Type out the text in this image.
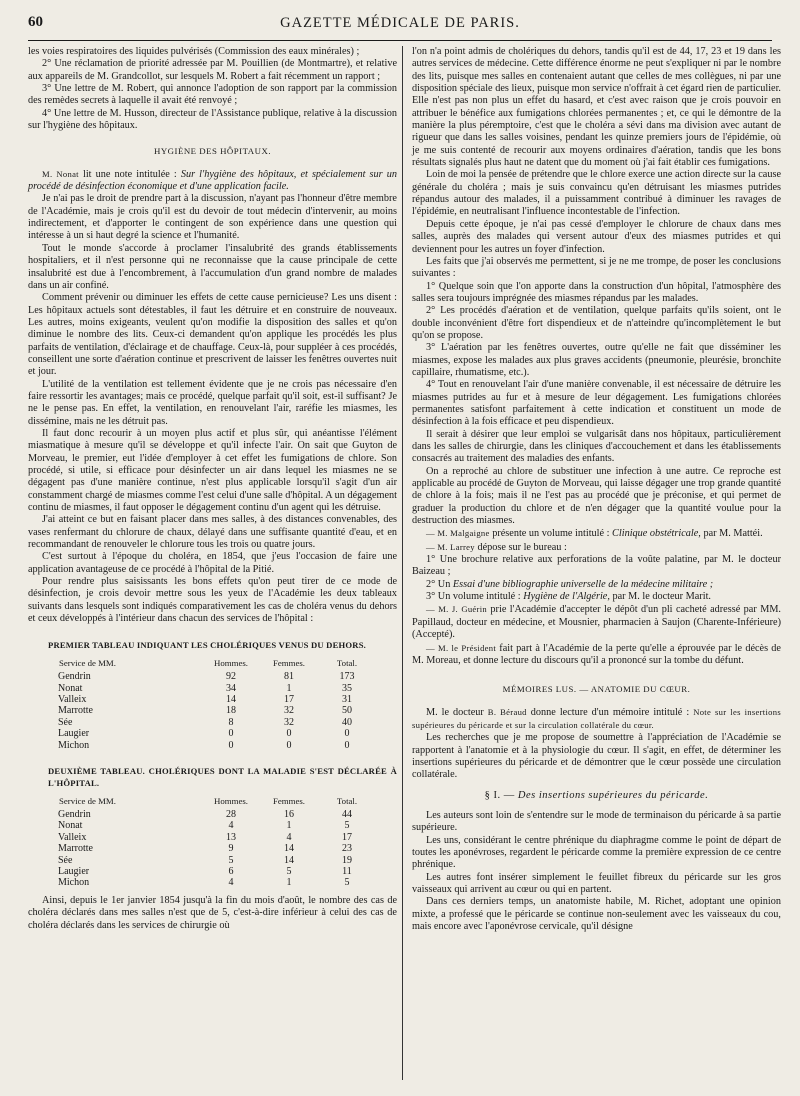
60	GAZETTE MÉDICALE DE PARIS.

les voies respiratoires des liquides pulvérisés (Commission des eaux minérales) ;

2° Une réclamation de priorité adressée par M. Pouillien (de Montmartre), et relative aux appareils de M. Grandcollot, sur lesquels M. Robert a fait récemment un rapport ;

3° Une lettre de M. Robert, qui annonce l'adoption de son rapport par la commission des remèdes secrets à laquelle il avait été renvoyé ;

4° Une lettre de M. Husson, directeur de l'Assistance publique, relative à la discussion sur l'hygiène des hôpitaux.

HYGIÈNE DES HÔPITAUX.

M. Nonat lit une note intitulée : Sur l'hygiène des hôpitaux, et spécialement sur un procédé de désinfection économique et d'une application facile.

Je n'ai pas le droit de prendre part à la discussion, n'ayant pas l'honneur d'être membre de l'Académie, mais je crois qu'il est du devoir de tout médecin d'intervenir, au moins indirectement, et d'apporter le contingent de son expérience dans une question qui intéresse à un si haut degré la science et l'humanité.

Tout le monde s'accorde à proclamer l'insalubrité des grands établissements hospitaliers, et il n'est personne qui ne reconnaisse que la cause principale de cette insalubrité est due à l'encombrement, à l'accumulation d'un grand nombre de malades dans un air confiné.

Comment prévenir ou diminuer les effets de cette cause pernicieuse? Les uns disent : Les hôpitaux actuels sont détestables, il faut les détruire et en construire de nouveaux. Les autres, moins exigeants, veulent qu'on modifie la disposition des salles et qu'on diminue le nombre des lits. Ceux-ci demandent qu'on applique les procédés les plus parfaits de ventilation, d'éclairage et de chauffage. Ceux-là, pour suppléer à ces procédés, conseillent une sorte d'aération continue et prescrivent de laisser les fenêtres ouvertes nuit et jour.

L'utilité de la ventilation est tellement évidente que je ne crois pas nécessaire d'en faire ressortir les avantages; mais ce procédé, quelque parfait qu'il soit, est-il suffisant? Je ne le pense pas. En effet, la ventilation, en renouvelant l'air, raréfie les miasmes, les dissémine, mais ne les détruit pas.

Il faut donc recourir à un moyen plus actif et plus sûr, qui anéantisse l'élément miasmatique à mesure qu'il se développe et qu'il infecte l'air. On sait que Guyton de Morveau, le premier, eut l'idée d'employer à cet effet les fumigations de chlore. Son procédé, si utile, si efficace pour désinfecter un air dans lequel les miasmes ne se dégagent pas d'une manière continue, n'est plus applicable lorsqu'il s'agit d'un air constamment chargé de miasmes comme l'est celui d'une salle d'hôpital. A un dégagement continu de miasmes, il faut opposer le dégagement continu d'un agent qui les détruise.

J'ai atteint ce but en faisant placer dans mes salles, à des distances convenables, des vases renfermant du chlorure de chaux, délayé dans une suffisante quantité d'eau, et en recommandant de renouveler le chlorure tous les trois ou quatre jours.

C'est surtout à l'époque du choléra, en 1854, que j'eus l'occasion de faire une application avantageuse de ce procédé à l'hôpital de la Pitié.

Pour rendre plus saisissants les bons effets qu'on peut tirer de ce mode de désinfection, je crois devoir mettre sous les yeux de l'Académie les deux tableaux suivants dans lesquels sont indiqués comparativement les cas de choléra venus du dehors et ceux développés à l'intérieur dans chacun des services de l'hôpital :

PREMIER TABLEAU INDIQUANT LES CHOLÉRIQUES VENUS DU DEHORS.
Service de MM.	Hommes.	Femmes.	Total.
Gendrin	92	81	173
Nonat	34	1	35
Valleix	14	17	31
Marrotte	18	32	50
Sée	8	32	40
Laugier	0	0	0
Michon	0	0	0
DEUXIÈME TABLEAU. CHOLÉRIQUES DONT LA MALADIE S'EST DÉCLARÉE À L'HÔPITAL.
Service de MM.	Hommes.	Femmes.	Total.
Gendrin	28	16	44
Nonat	4	1	5
Valleix	13	4	17
Marrotte	9	14	23
Sée	5	14	19
Laugier	6	5	11
Michon	4	1	5

Ainsi, depuis le 1er janvier 1854 jusqu'à la fin du mois d'août, le nombre des cas de choléra déclarés dans mes salles n'est que de 5, c'est-à-dire inférieur à celui des cas de choléra déclarés dans les services de chirurgie où

l'on n'a point admis de cholériques du dehors, tandis qu'il est de 44, 17, 23 et 19 dans les autres services de médecine. Cette différence énorme ne peut s'expliquer ni par le nombre des lits, puisque mes salles en contenaient autant que celles de mes collègues, ni par une disposition spéciale des lieux, puisque mon service n'offrait à cet égard rien de particulier. Elle n'est pas non plus un effet du hasard, et c'est avec raison que je crois pouvoir en attribuer le bénéfice aux fumigations chlorées permanentes ; et, ce qui le démontre de la manière la plus péremptoire, c'est que le choléra a sévi dans ma division avec autant de rigueur que dans les salles voisines, pendant les quinze premiers jours de l'épidémie, où je me suis contenté de recourir aux moyens ordinaires d'aération, tandis que les bons résultats signalés plus haut ne datent que du moment où j'ai fait établir ces fumigations.

Loin de moi la pensée de prétendre que le chlore exerce une action directe sur la cause générale du choléra ; mais je suis convaincu qu'en détruisant les miasmes putrides répandus autour des malades, il a puissamment contribué à diminuer les ravages de l'épidémie, en neutralisant l'influence incontestable de l'infection.

Depuis cette époque, je n'ai pas cessé d'employer le chlorure de chaux dans mes salles, auprès des malades qui versent autour d'eux des miasmes putrides et qui deviennent pour les autres un foyer d'infection.

Les faits que j'ai observés me permettent, si je ne me trompe, de poser les conclusions suivantes :

1° Quelque soin que l'on apporte dans la construction d'un hôpital, l'atmosphère des salles sera toujours imprégnée des miasmes répandus par les malades.

2° Les procédés d'aération et de ventilation, quelque parfaits qu'ils soient, ont le double inconvénient d'être fort dispendieux et de n'atteindre qu'incomplètement le but qu'on se propose.

3° L'aération par les fenêtres ouvertes, outre qu'elle ne fait que disséminer les miasmes, expose les malades aux plus graves accidents (pneumonie, pleurésie, bronchite capillaire, rhumatisme, etc.).

4° Tout en renouvelant l'air d'une manière convenable, il est nécessaire de détruire les miasmes putrides au fur et à mesure de leur dégagement. Les fumigations chlorées permanentes satisfont parfaitement à cette indication et constituent un mode de désinfection à la fois efficace et peu dispendieux.

Il serait à désirer que leur emploi se vulgarisât dans nos hôpitaux, particulièrement dans les salles de chirurgie, dans les cliniques d'accouchement et dans les établissements consacrés au traitement des maladies des enfants.

On a reproché au chlore de substituer une infection à une autre. Ce reproche est applicable au procédé de Guyton de Morveau, qui laisse dégager une trop grande quantité de chlore à la fois; mais il ne l'est pas au procédé que je préconise, et qui permet de graduer la production du chlore et de n'en dégager que la quantité voulue pour la destruction des miasmes.

— M. Malgaigne présente un volume intitulé : Clinique obstétricale, par M. Mattéi.

— M. Larrey dépose sur le bureau :

1° Une brochure relative aux perforations de la voûte palatine, par M. le docteur Baizeau ;

2° Un Essai d'une bibliographie universelle de la médecine militaire ;

3° Un volume intitulé : Hygiène de l'Algérie, par M. le docteur Marit.

— M. J. Guérin prie l'Académie d'accepter le dépôt d'un pli cacheté adressé par MM. Papillaud, docteur en médecine, et Mousnier, pharmacien à Saujon (Charente-Inférieure) (Accepté).

— M. le Président fait part à l'Académie de la perte qu'elle a éprouvée par le décès de M. Moreau, et donne lecture du discours qu'il a prononcé sur la tombe du défunt.

MÉMOIRES LUS. — ANATOMIE DU CŒUR.

M. le docteur B. Béraud donne lecture d'un mémoire intitulé : Note sur les insertions supérieures du péricarde et sur la circulation collatérale du cœur.

Les recherches que je me propose de soumettre à l'appréciation de l'Académie se rapportent à l'anatomie et à la physiologie du cœur. Il s'agit, en effet, de déterminer les insertions supérieures du péricarde et de démontrer que le cœur possède une circulation collatérale.

§ I. — Des insertions supérieures du péricarde.

Les auteurs sont loin de s'entendre sur le mode de terminaison du péricarde à sa partie supérieure.

Les uns, considérant le centre phrénique du diaphragme comme le point de départ de toutes les aponévroses, regardent le péricarde comme la première expression de ce centre phrénique.

Les autres font insérer simplement le feuillet fibreux du péricarde sur les gros vaisseaux qui arrivent au cœur ou qui en partent.

Dans ces derniers temps, un anatomiste habile, M. Richet, adoptant une opinion mixte, a professé que le péricarde se continue non-seulement avec les vaisseaux du cou, mais encore avec l'aponévrose cervicale, qu'il désigne
